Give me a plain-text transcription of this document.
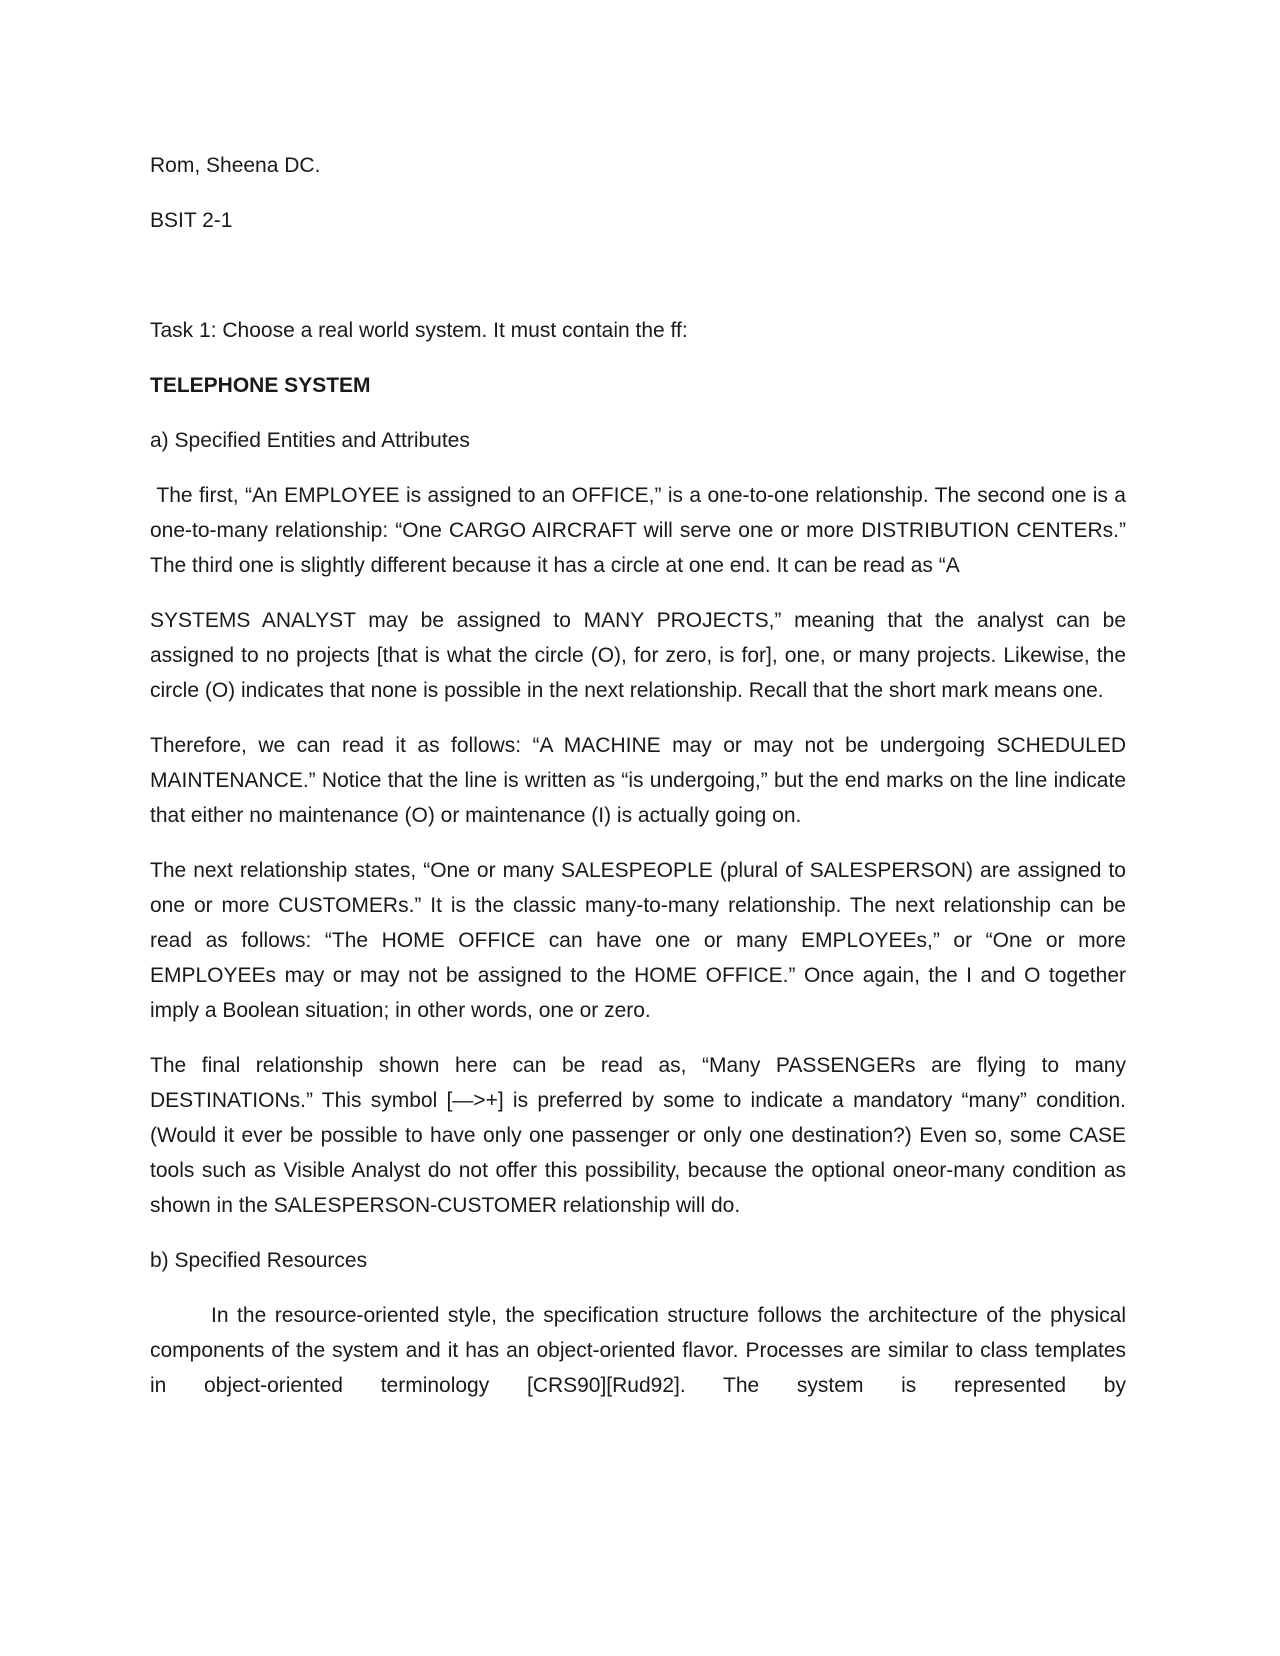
Rom, Sheena DC.
BSIT 2-1
Task 1: Choose a real world system. It must contain the ff:
TELEPHONE SYSTEM
a) Specified Entities and Attributes
The first, “An EMPLOYEE is assigned to an OFFICE,” is a one-to-one relationship. The second one is a one-to-many relationship: “One CARGO AIRCRAFT will serve one or more DISTRIBUTION CENTERs.” The third one is slightly different because it has a circle at one end. It can be read as “A
SYSTEMS ANALYST may be assigned to MANY PROJECTS,” meaning that the analyst can be assigned to no projects [that is what the circle (O), for zero, is for], one, or many projects. Likewise, the circle (O) indicates that none is possible in the next relationship. Recall that the short mark means one.
Therefore, we can read it as follows: “A MACHINE may or may not be undergoing SCHEDULED MAINTENANCE.” Notice that the line is written as “is undergoing,” but the end marks on the line indicate that either no maintenance (O) or maintenance (I) is actually going on.
The next relationship states, “One or many SALESPEOPLE (plural of SALESPERSON) are assigned to one or more CUSTOMERs.” It is the classic many-to-many relationship. The next relationship can be read as follows: “The HOME OFFICE can have one or many EMPLOYEEs,” or “One or more EMPLOYEEs may or may not be assigned to the HOME OFFICE.” Once again, the I and O together imply a Boolean situation; in other words, one or zero.
The final relationship shown here can be read as, “Many PASSENGERs are flying to many DESTINATIONs.” This symbol [—>+] is preferred by some to indicate a mandatory “many” condition. (Would it ever be possible to have only one passenger or only one destination?) Even so, some CASE tools such as Visible Analyst do not offer this possibility, because the optional oneor-many condition as shown in the SALESPERSON-CUSTOMER relationship will do.
b) Specified Resources
In the resource-oriented style, the specification structure follows the architecture of the physical components of the system and it has an object-oriented flavor. Processes are similar to class templates in object-oriented terminology [CRS90][Rud92]. The system is represented by
